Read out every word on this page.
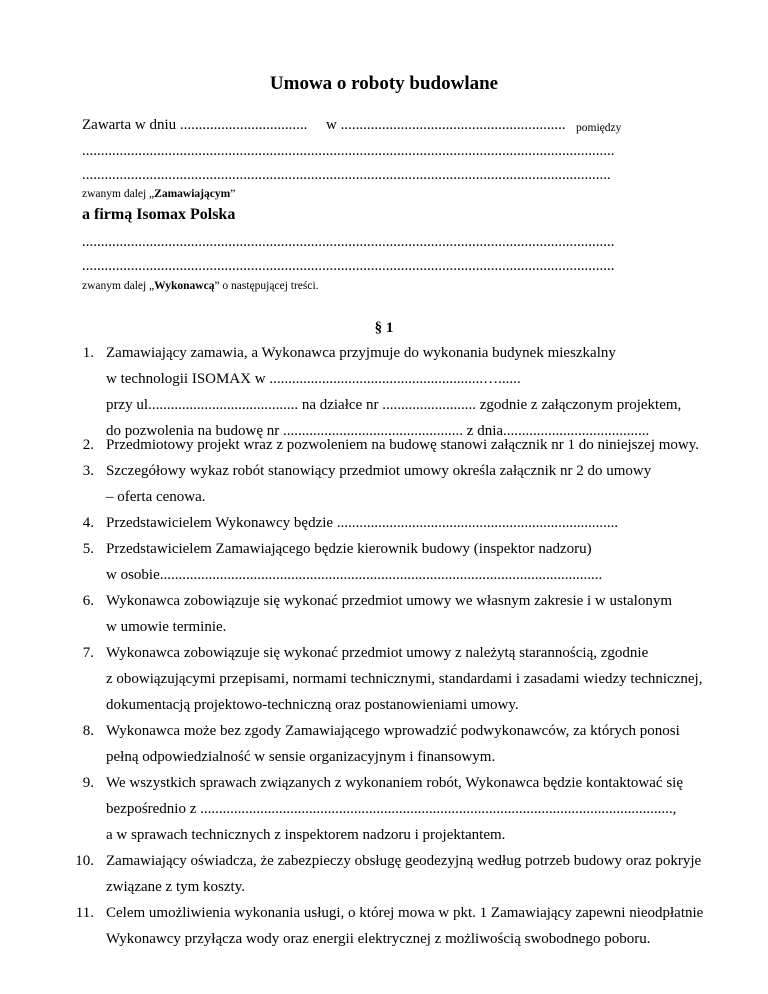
Umowa o roboty budowlane
Zawarta w dniu .................................. w ............................................................ pomiędzy
..............................................................................................................................................
.............................................................................................................................................
zwanym dalej „Zamawiającym”
a firmą Isomax Polska
..............................................................................................................................................
..............................................................................................................................................
zwanym dalej „Wykonawcą” o następującej treści.
§ 1
1. Zamawiający zamawia, a Wykonawca przyjmuje do wykonania budynek mieszkalny
w technologii ISOMAX w .........................................................…......
przy ul........................................ na działce nr ......................... zgodnie z załączonym projektem,
do pozwolenia na budowę nr ................................................ z dnia.......................................
2. Przedmiotowy projekt wraz z pozwoleniem na budowę stanowi załącznik nr 1 do niniejszej mowy.
3. Szczegółowy wykaz robót stanowiący przedmiot umowy określa załącznik nr 2 do umowy
– oferta cenowa.
4. Przedstawicielem Wykonawcy będzie ...........................................................................
5. Przedstawicielem Zamawiającego będzie kierownik budowy (inspektor nadzoru)
w osobie......................................................................................................................
6. Wykonawca zobowiązuje się wykonać przedmiot umowy we własnym zakresie i w ustalonym
w umowie terminie.
7. Wykonawca zobowiązuje się wykonać przedmiot umowy z należytą starannością, zgodnie
z obowiązującymi przepisami, normami technicznymi, standardami i zasadami wiedzy technicznej,
dokumentacją projektowo-techniczną oraz postanowieniami umowy.
8. Wykonawca może bez zgody Zamawiającego wprowadzić podwykonawców, za których ponosi
pełną odpowiedzialność w sensie organizacyjnym i finansowym.
9. We wszystkich sprawach związanych z wykonaniem robót, Wykonawca będzie kontaktować się
bezpośrednio z ..............................................................................................................................,
a w sprawach technicznych z inspektorem nadzoru i projektantem.
10. Zamawiający oświadcza, że zabezpieczy obsługę geodezyjną według potrzeb budowy oraz pokryje
związane z tym koszty.
11. Celem umożliwienia wykonania usługi, o której mowa w pkt. 1 Zamawiający zapewni nieodpłatnie
Wykonawcy przyłącza wody oraz energii elektrycznej z możliwością swobodnego poboru.
